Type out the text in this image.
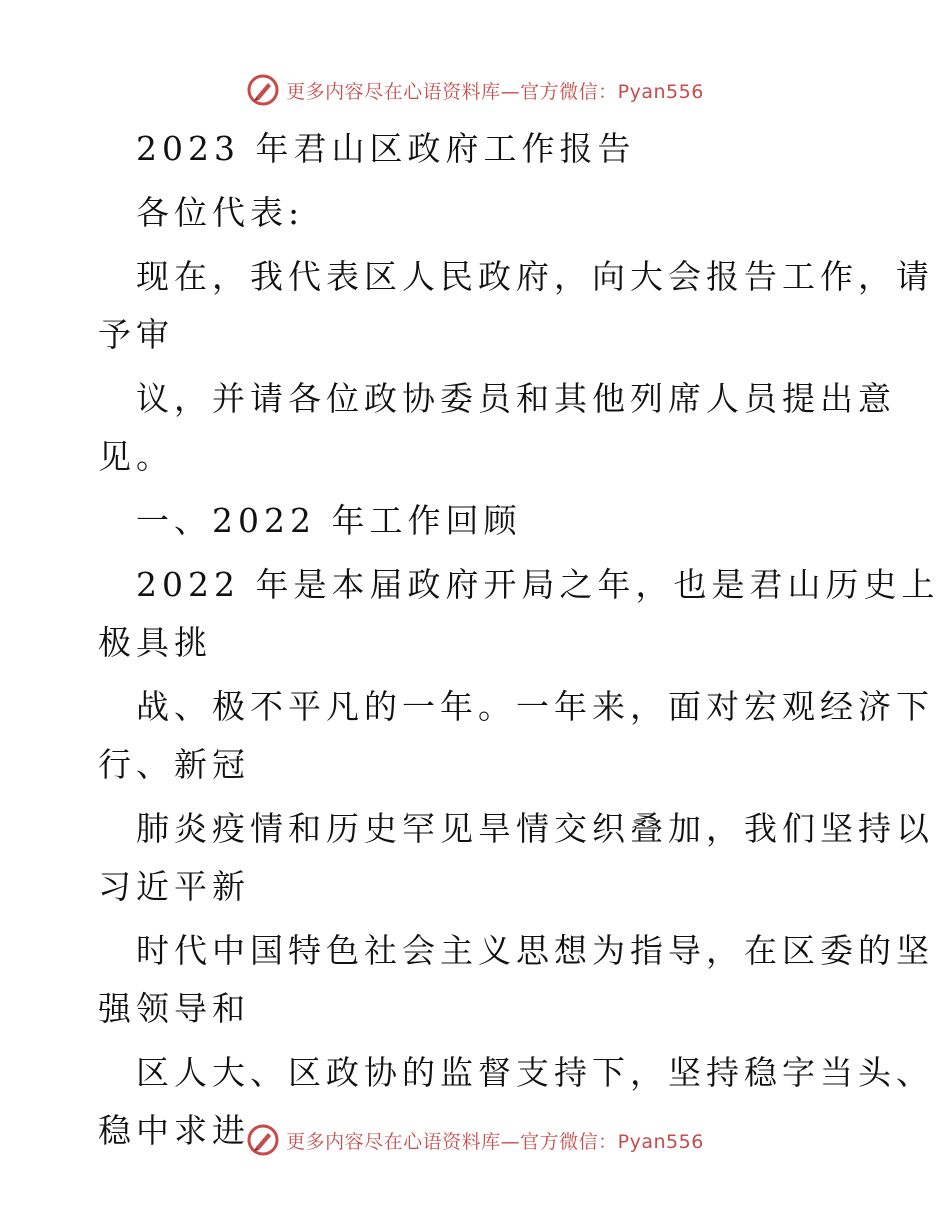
更多内容尽在心语资料库—官方微信：Pyan556
2023 年君山区政府工作报告
各位代表:
现在，我代表区人民政府，向大会报告工作，请
予审
议，并请各位政协委员和其他列席人员提出意
见。
一、2022 年工作回顾
2022 年是本届政府开局之年，也是君山历史上
极具挑
战、极不平凡的一年。一年来，面对宏观经济下
行、新冠
肺炎疫情和历史罕见旱情交织叠加，我们坚持以
习近平新
时代中国特色社会主义思想为指导，在区委的坚
强领导和
区人大、区政协的监督支持下，坚持稳字当头、
稳中求进	更多内容尽在心语资料库—官方微信：Pyan556
